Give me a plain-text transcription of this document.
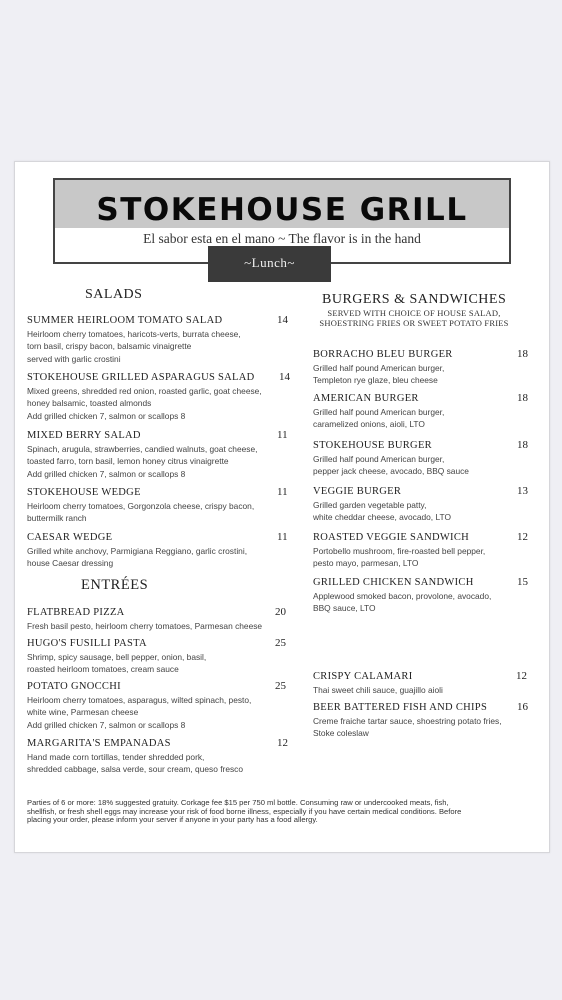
STOKEHOUSE GRILL
El sabor esta en el mano ~ The flavor is in the hand
~Lunch~
SALADS
SUMMER HEIRLOOM TOMATO SALAD	14
Heirloom cherry tomatoes, haricots-verts, burrata cheese,
torn basil, crispy bacon, balsamic vinaigrette
served with garlic crostini
STOKEHOUSE GRILLED ASPARAGUS SALAD	14
Mixed greens, shredded red onion, roasted garlic, goat cheese,
honey balsamic, toasted almonds
Add grilled chicken 7, salmon or scallops 8
MIXED BERRY SALAD	11
Spinach, arugula, strawberries, candied walnuts, goat cheese,
toasted farro, torn basil, lemon honey citrus vinaigrette
Add grilled chicken 7, salmon or scallops 8
STOKEHOUSE WEDGE	11
Heirloom cherry tomatoes, Gorgonzola cheese, crispy bacon,
buttermilk ranch
CAESAR WEDGE	11
Grilled white anchovy, Parmigiana Reggiano, garlic crostini,
house Caesar dressing
ENTRÉES
FLATBREAD PIZZA	20
Fresh basil pesto, heirloom cherry tomatoes, Parmesan cheese
HUGO'S FUSILLI PASTA	25
Shrimp, spicy sausage, bell pepper, onion, basil,
roasted heirloom tomatoes, cream sauce
POTATO GNOCCHI	25
Heirloom cherry tomatoes, asparagus, wilted spinach, pesto,
white wine, Parmesan cheese
Add grilled chicken 7, salmon or scallops 8
MARGARITA'S EMPANADAS	12
Hand made corn tortillas, tender shredded pork,
shredded cabbage, salsa verde, sour cream, queso fresco
BURGERS & SANDWICHES
SERVED WITH CHOICE OF HOUSE SALAD,
SHOESTRING FRIES OR SWEET POTATO FRIES
BORRACHO BLEU BURGER	18
Grilled half pound American burger,
Templeton rye glaze, bleu cheese
AMERICAN BURGER	18
Grilled half pound American burger,
caramelized onions, aioli, LTO
STOKEHOUSE BURGER	18
Grilled half pound American burger,
pepper jack cheese, avocado, BBQ sauce
VEGGIE BURGER	13
Grilled garden vegetable patty,
white cheddar cheese, avocado, LTO
ROASTED VEGGIE SANDWICH	12
Portobello mushroom, fire-roasted bell pepper,
pesto mayo, parmesan, LTO
GRILLED CHICKEN SANDWICH	15
Applewood smoked bacon, provolone, avocado,
BBQ sauce, LTO
CRISPY CALAMARI	12
Thai sweet chili sauce, guajillo aioli
BEER BATTERED FISH AND CHIPS	16
Creme fraiche tartar sauce, shoestring potato fries,
Stoke coleslaw
Parties of 6 or more: 18% suggested gratuity. Corkage fee $15 per 750 ml bottle. Consuming raw or undercooked meats, fish,
shellfish, or fresh shell eggs may increase your risk of food borne illness, especially if you have certain medical conditions. Before
placing your order, please inform your server if anyone in your party has a food allergy.
